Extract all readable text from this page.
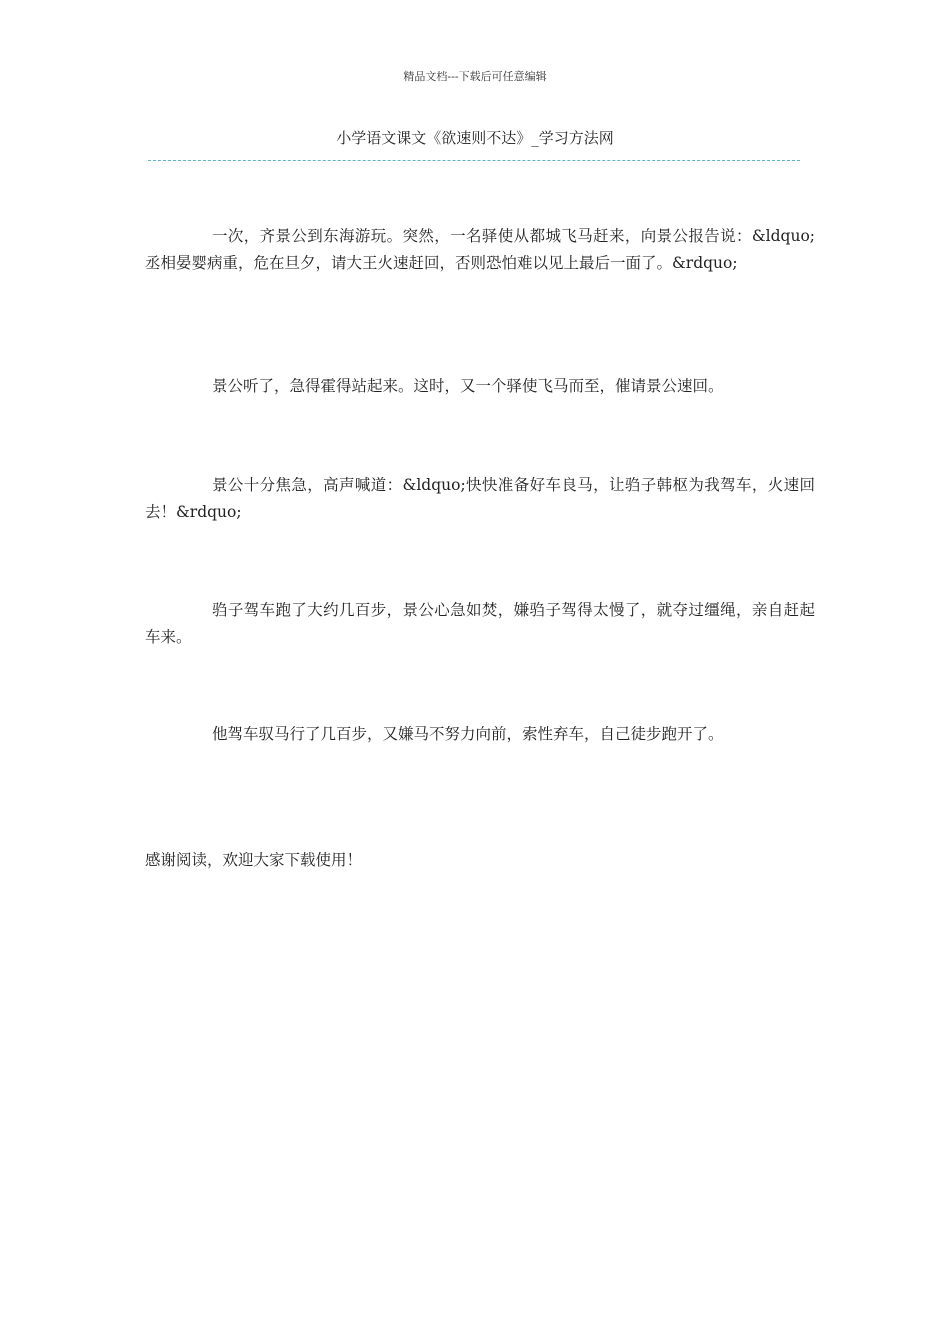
精品文档---下载后可任意编辑
小学语文课文《欲速则不达》_学习方法网

一次，齐景公到东海游玩。突然，一名驿使从都城飞马赶来，向景公报告说：&ldquo;丞相晏婴病重，危在旦夕，请大王火速赶回，否则恐怕难以见上最后一面了。&rdquo;

景公听了，急得霍得站起来。这时，又一个驿使飞马而至，催请景公速回。

景公十分焦急，高声喊道：&ldquo;快快准备好车良马，让驺子韩枢为我驾车，火速回去！&rdquo;

驺子驾车跑了大约几百步，景公心急如焚，嫌驺子驾得太慢了，就夺过缰绳，亲自赶起车来。

他驾车驭马行了几百步，又嫌马不努力向前，索性弃车，自己徒步跑开了。

感谢阅读，欢迎大家下载使用！
